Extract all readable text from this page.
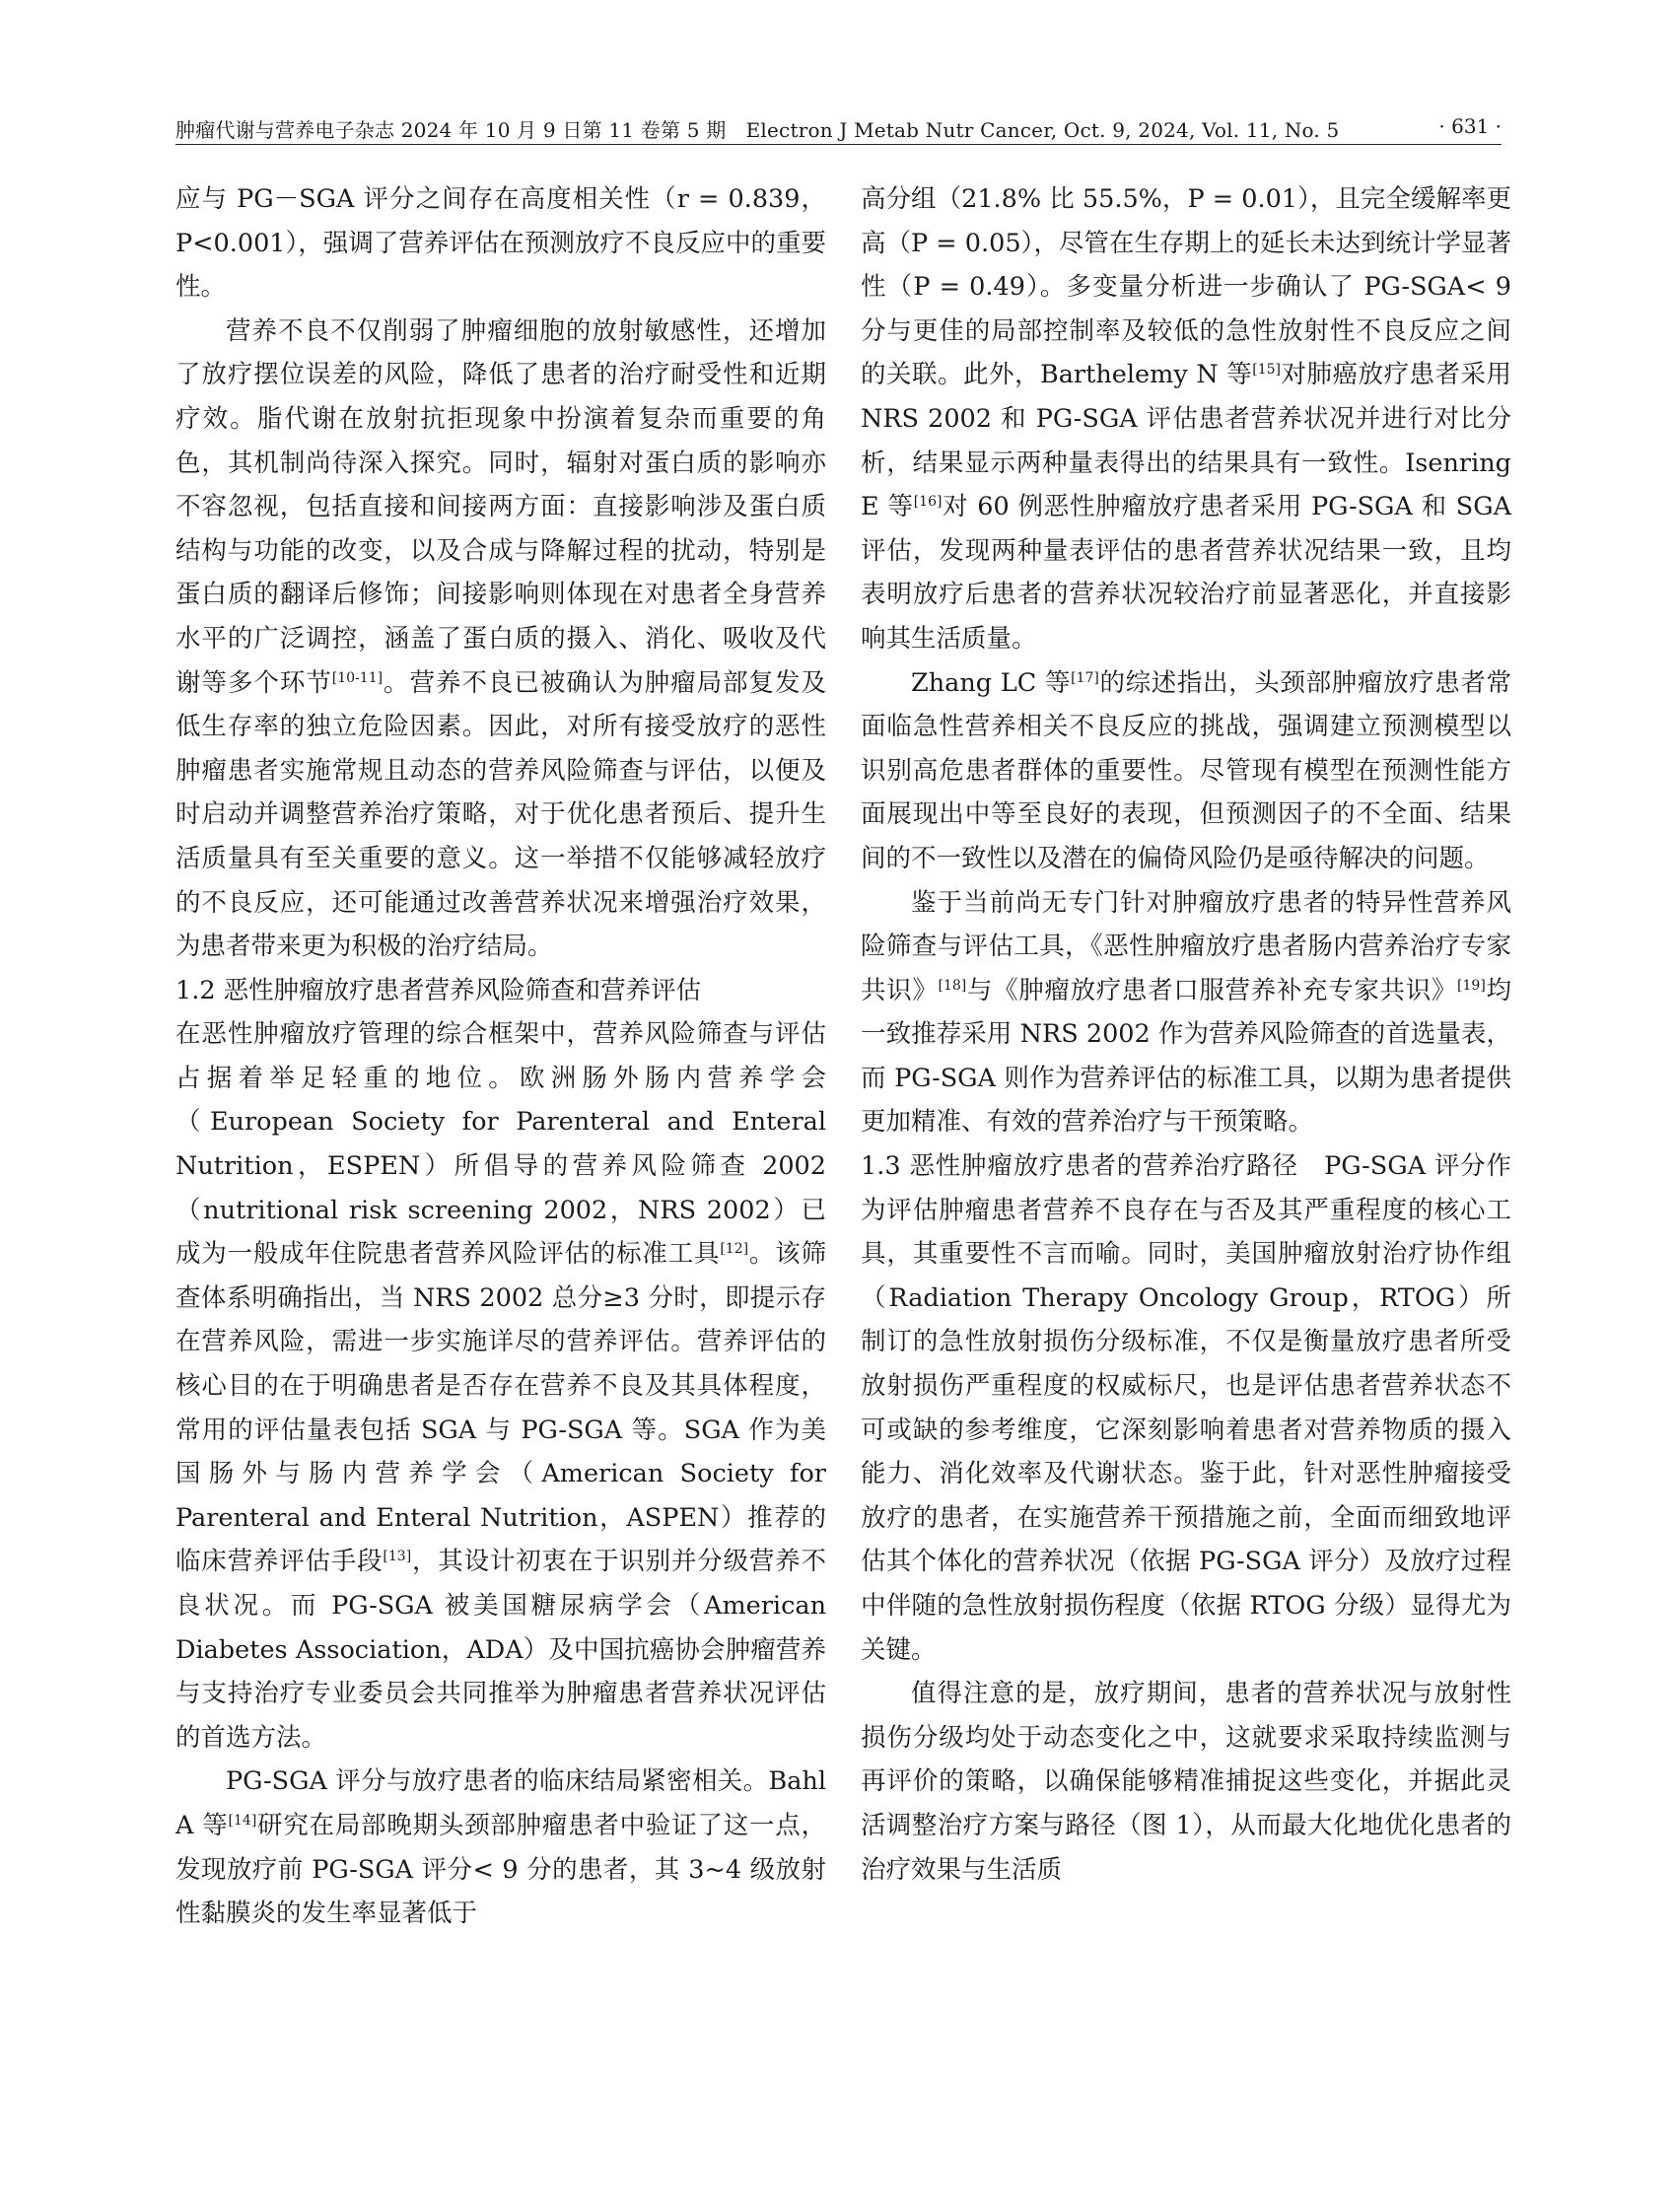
肿瘤代谢与营养电子杂志 2024 年 10 月 9 日第 11 卷第 5 期　Electron J Metab Nutr Cancer, Oct. 9, 2024, Vol. 11, No. 5	· 631 ·

应与 PG－SGA 评分之间存在高度相关性（r = 0.839，P<0.001），强调了营养评估在预测放疗不良反应中的重要性。

营养不良不仅削弱了肿瘤细胞的放射敏感性，还增加了放疗摆位误差的风险，降低了患者的治疗耐受性和近期疗效。脂代谢在放射抗拒现象中扮演着复杂而重要的角色，其机制尚待深入探究。同时，辐射对蛋白质的影响亦不容忽视，包括直接和间接两方面：直接影响涉及蛋白质结构与功能的改变，以及合成与降解过程的扰动，特别是蛋白质的翻译后修饰；间接影响则体现在对患者全身营养水平的广泛调控，涵盖了蛋白质的摄入、消化、吸收及代谢等多个环节[10-11]。营养不良已被确认为肿瘤局部复发及低生存率的独立危险因素。因此，对所有接受放疗的恶性肿瘤患者实施常规且动态的营养风险筛查与评估，以便及时启动并调整营养治疗策略，对于优化患者预后、提升生活质量具有至关重要的意义。这一举措不仅能够减轻放疗的不良反应，还可能通过改善营养状况来增强治疗效果，为患者带来更为积极的治疗结局。

1.2 恶性肿瘤放疗患者营养风险筛查和营养评估

在恶性肿瘤放疗管理的综合框架中，营养风险筛查与评估占据着举足轻重的地位。欧洲肠外肠内营养学会（European Society for Parenteral and Enteral Nutrition，ESPEN）所倡导的营养风险筛查 2002（nutritional risk screening 2002，NRS 2002）已成为一般成年住院患者营养风险评估的标准工具[12]。该筛查体系明确指出，当 NRS 2002 总分≥3 分时，即提示存在营养风险，需进一步实施详尽的营养评估。营养评估的核心目的在于明确患者是否存在营养不良及其具体程度，常用的评估量表包括 SGA 与 PG-SGA 等。SGA 作为美国肠外与肠内营养学会（American Society for Parenteral and Enteral Nutrition，ASPEN）推荐的临床营养评估手段[13]，其设计初衷在于识别并分级营养不良状况。而 PG-SGA 被美国糖尿病学会（American Diabetes Association，ADA）及中国抗癌协会肿瘤营养与支持治疗专业委员会共同推举为肿瘤患者营养状况评估的首选方法。

PG-SGA 评分与放疗患者的临床结局紧密相关。Bahl A 等[14]研究在局部晚期头颈部肿瘤患者中验证了这一点，发现放疗前 PG-SGA 评分< 9 分的患者，其 3~4 级放射性黏膜炎的发生率显著低于

高分组（21.8% 比 55.5%，P = 0.01），且完全缓解率更高（P = 0.05），尽管在生存期上的延长未达到统计学显著性（P = 0.49）。多变量分析进一步确认了 PG-SGA< 9 分与更佳的局部控制率及较低的急性放射性不良反应之间的关联。此外，Barthelemy N 等[15]对肺癌放疗患者采用 NRS 2002 和 PG-SGA 评估患者营养状况并进行对比分析，结果显示两种量表得出的结果具有一致性。Isenring E 等[16]对 60 例恶性肿瘤放疗患者采用 PG-SGA 和 SGA 评估，发现两种量表评估的患者营养状况结果一致，且均表明放疗后患者的营养状况较治疗前显著恶化，并直接影响其生活质量。

Zhang LC 等[17]的综述指出，头颈部肿瘤放疗患者常面临急性营养相关不良反应的挑战，强调建立预测模型以识别高危患者群体的重要性。尽管现有模型在预测性能方面展现出中等至良好的表现，但预测因子的不全面、结果间的不一致性以及潜在的偏倚风险仍是亟待解决的问题。

鉴于当前尚无专门针对肿瘤放疗患者的特异性营养风险筛查与评估工具，《恶性肿瘤放疗患者肠内营养治疗专家共识》[18]与《肿瘤放疗患者口服营养补充专家共识》[19]均一致推荐采用 NRS 2002 作为营养风险筛查的首选量表，而 PG-SGA 则作为营养评估的标准工具，以期为患者提供更加精准、有效的营养治疗与干预策略。

1.3 恶性肿瘤放疗患者的营养治疗路径　 PG-SGA 评分作为评估肿瘤患者营养不良存在与否及其严重程度的核心工具，其重要性不言而喻。同时，美国肿瘤放射治疗协作组（Radiation Therapy Oncology Group，RTOG）所制订的急性放射损伤分级标准，不仅是衡量放疗患者所受放射损伤严重程度的权威标尺，也是评估患者营养状态不可或缺的参考维度，它深刻影响着患者对营养物质的摄入能力、消化效率及代谢状态。鉴于此，针对恶性肿瘤接受放疗的患者，在实施营养干预措施之前，全面而细致地评估其个体化的营养状况（依据 PG-SGA 评分）及放疗过程中伴随的急性放射损伤程度（依据 RTOG 分级）显得尤为关键。

值得注意的是，放疗期间，患者的营养状况与放射性损伤分级均处于动态变化之中，这就要求采取持续监测与再评价的策略，以确保能够精准捕捉这些变化，并据此灵活调整治疗方案与路径（图 1），从而最大化地优化患者的治疗效果与生活质
